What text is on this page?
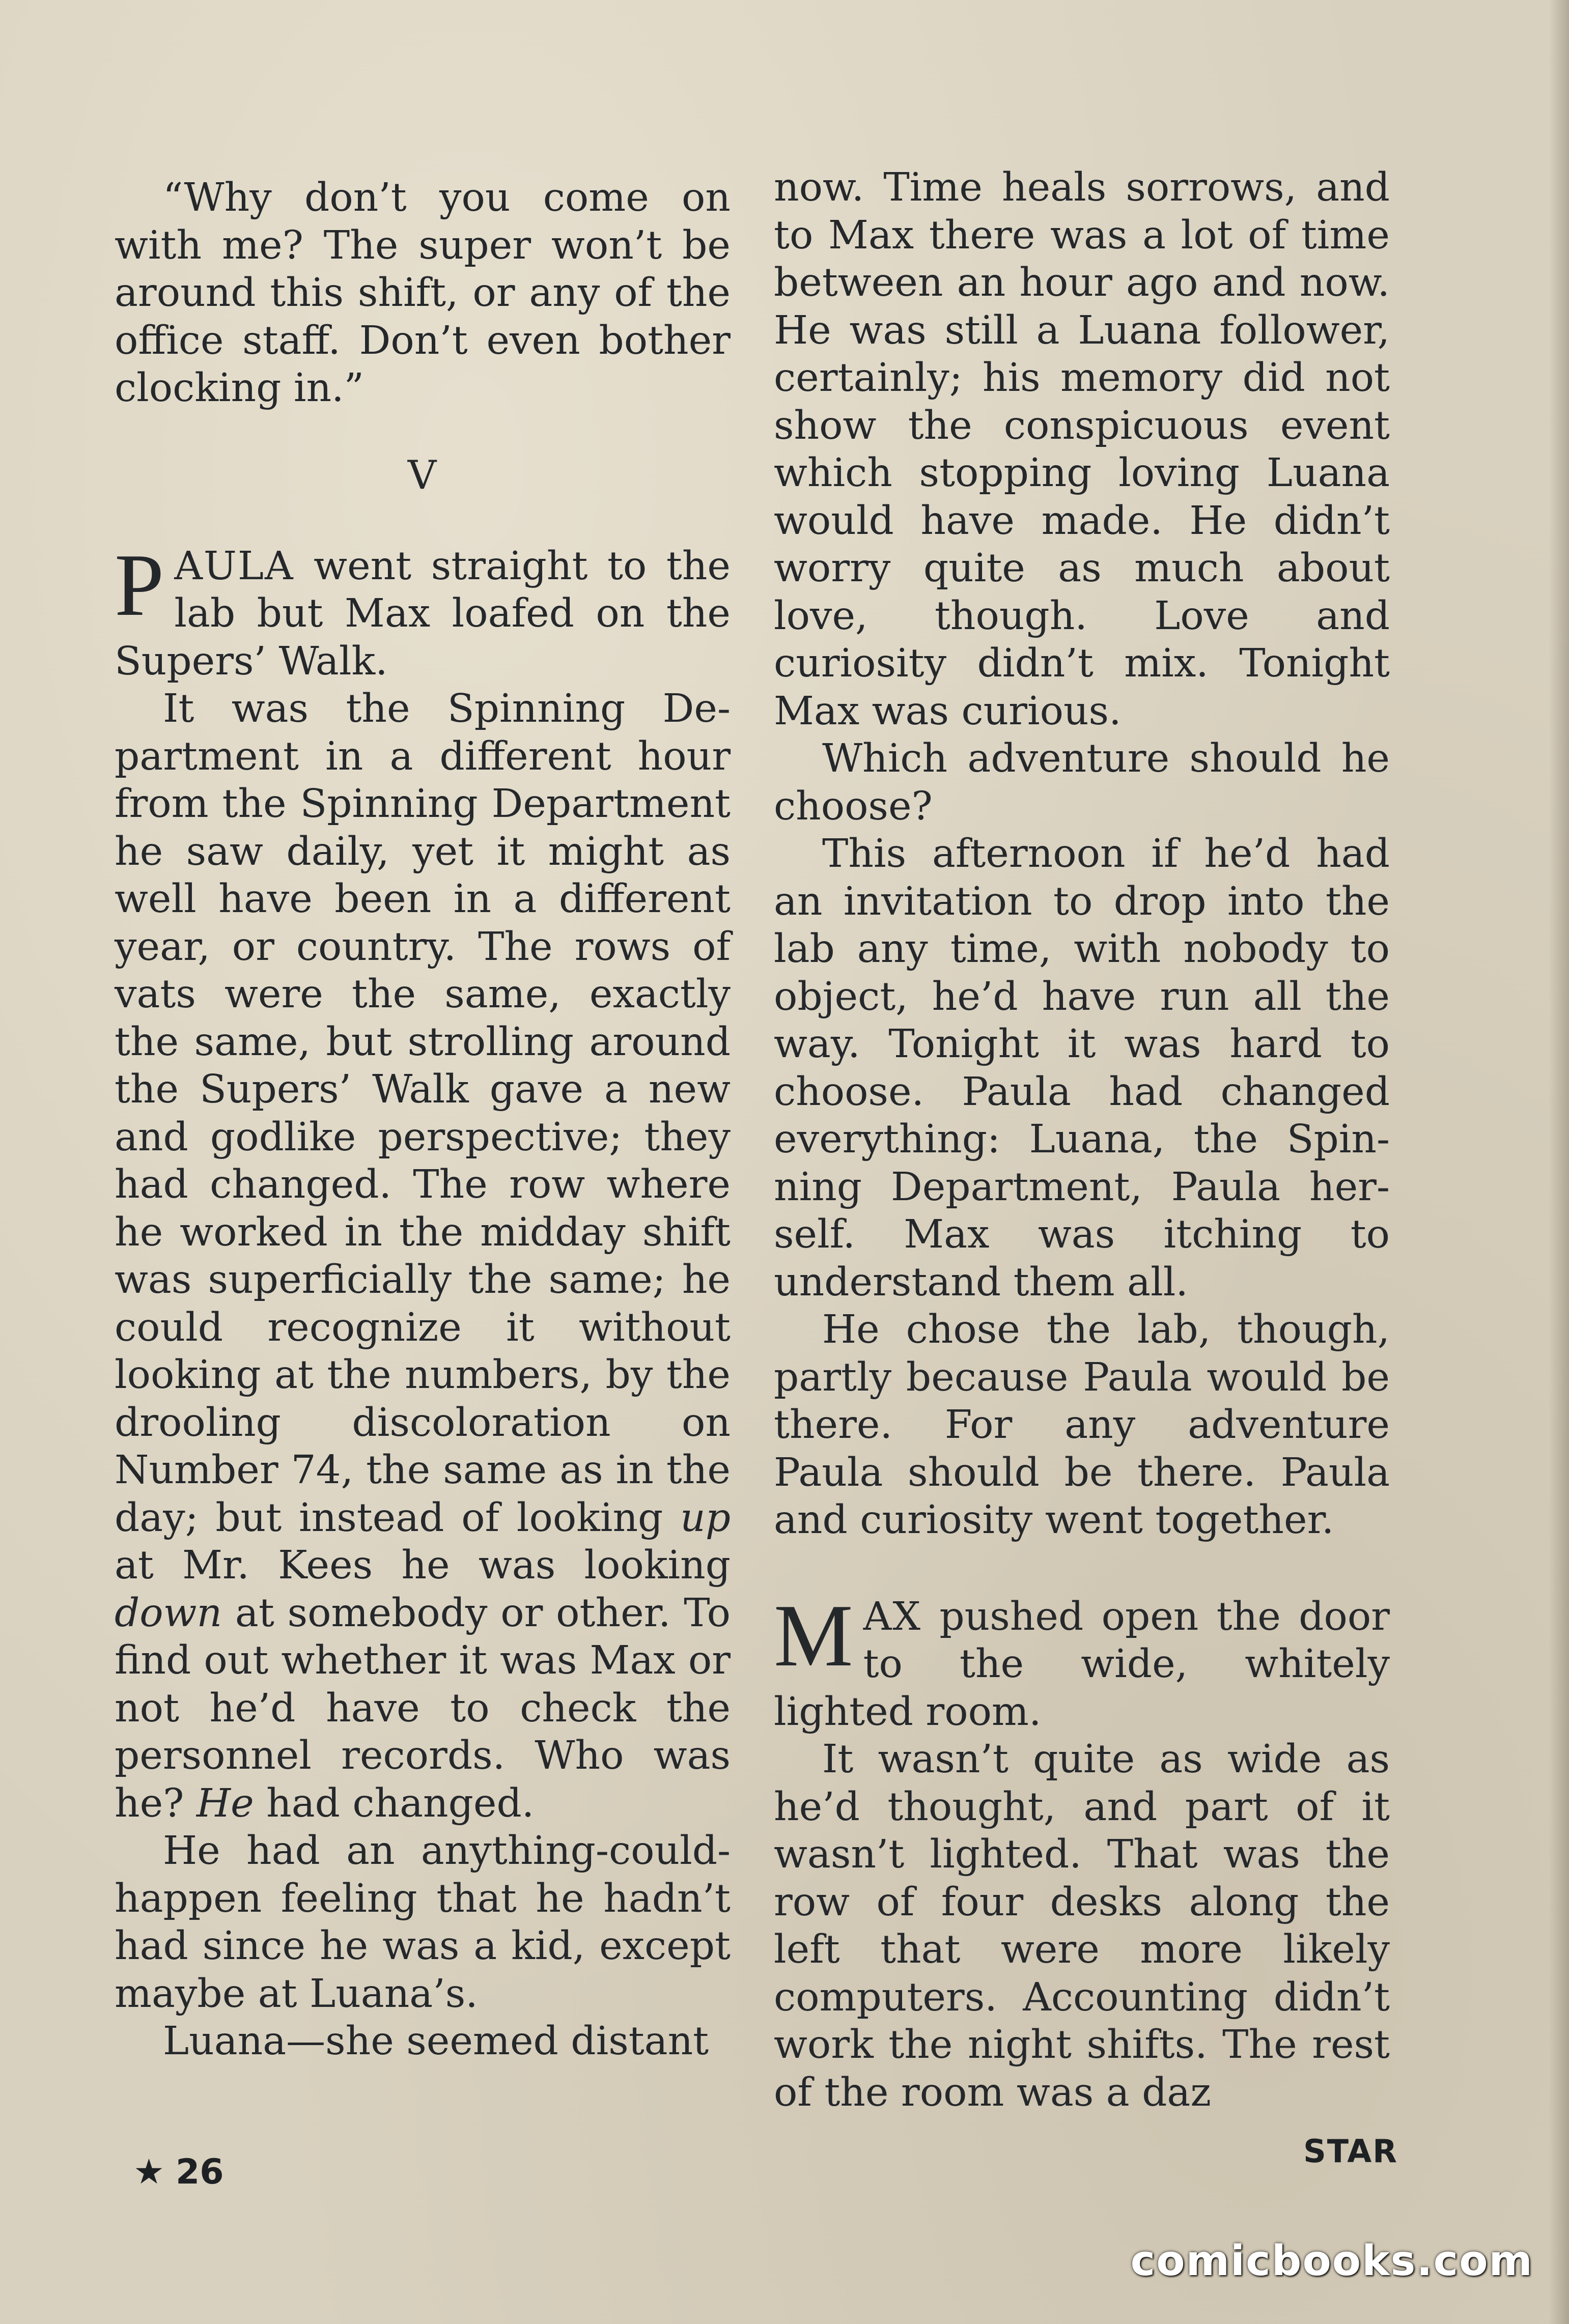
“Why don’t you come on with me? The super won’t be around this shift, or any of the office staff. Don’t even bother clocking in.”

V

PAULA went straight to the lab but Max loafed on the Supers’ Walk.

It was the Spinning Department in a different hour from the Spinning Department he saw daily, yet it might as well have been in a different year, or country. The rows of vats were the same, exactly the same, but strolling around the Supers’ Walk gave a new and godlike perspective; they had changed. The row where he worked in the midday shift was superficially the same; he could recognize it without looking at the numbers, by the drooling discoloration on Number 74, the same as in the day; but instead of looking up at Mr. Kees he was looking down at somebody or other. To find out whether it was Max or not he’d have to check the personnel records. Who was he? He had changed.

He had an anything-could-happen feeling that he hadn’t had since he was a kid, except maybe at Luana’s.

Luana—she seemed distant

now. Time heals sorrows, and to Max there was a lot of time between an hour ago and now. He was still a Luana follower, certainly; his memory did not show the conspicuous event which stopping loving Luana would have made. He didn’t worry quite as much about love, though. Love and curiosity didn’t mix. Tonight Max was curious.

Which adventure should he choose?

This afternoon if he’d had an invitation to drop into the lab any time, with nobody to object, he’d have run all the way. Tonight it was hard to choose. Paula had changed everything: Luana, the Spinning Department, Paula herself. Max was itching to understand them all.

He chose the lab, though, partly because Paula would be there. For any adventure Paula should be there. Paula and curiosity went together.

MAX pushed open the door to the wide, whitely lighted room.

It wasn’t quite as wide as he’d thought, and part of it wasn’t lighted. That was the row of four desks along the left that were more likely computers. Accounting didn’t work the night shifts. The rest of the room was a daz

★ 26
STAR
comicbooks.com
